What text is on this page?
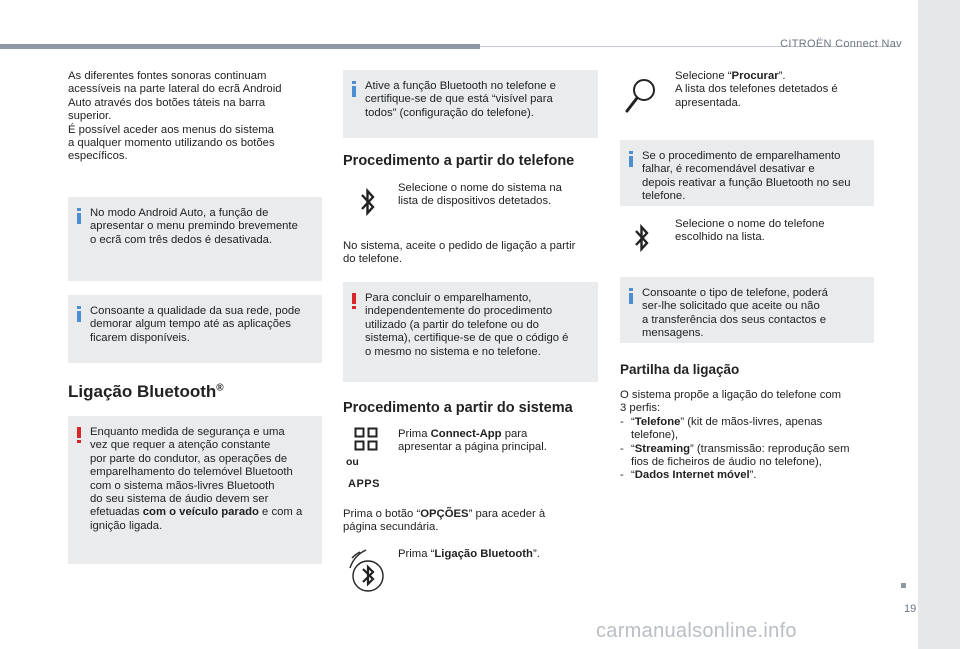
CITROËN Connect Nav
As diferentes fontes sonoras continuam
acessíveis na parte lateral do ecrã Android
Auto através dos botões táteis na barra
superior.
É possível aceder aos menus do sistema
a qualquer momento utilizando os botões
específicos.
No modo Android Auto, a função de
apresentar o menu premindo brevemente
o ecrã com três dedos é desativada.
Consoante a qualidade da sua rede, pode
demorar algum tempo até as aplicações
ficarem disponíveis.
Ligação Bluetooth®
Enquanto medida de segurança e uma
vez que requer a atenção constante
por parte do condutor, as operações de
emparelhamento do telemóvel Bluetooth
com o sistema mãos-livres Bluetooth
do seu sistema de áudio devem ser
efetuadas com o veículo parado e com a
ignição ligada.
Ative a função Bluetooth no telefone e
certifique-se de que está “visível para
todos” (configuração do telefone).
Procedimento a partir do telefone
Selecione o nome do sistema na
lista de dispositivos detetados.
No sistema, aceite o pedido de ligação a partir
do telefone.
Para concluir o emparelhamento,
independentemente do procedimento
utilizado (a partir do telefone ou do
sistema), certifique-se de que o código é
o mesmo no sistema e no telefone.
Procedimento a partir do sistema
ou
APPS
Prima Connect-App para
apresentar a página principal.
Prima o botão “OPÇÕES” para aceder à
página secundária.
Prima “Ligação Bluetooth”.
Selecione “Procurar”.
A lista dos telefones detetados é
apresentada.
Se o procedimento de emparelhamento
falhar, é recomendável desativar e
depois reativar a função Bluetooth no seu
telefone.
Selecione o nome do telefone
escolhido na lista.
Consoante o tipo de telefone, poderá
ser-lhe solicitado que aceite ou não
a transferência dos seus contactos e
mensagens.
Partilha da ligação
O sistema propõe a ligação do telefone com
3 perfis:
- “Telefone” (kit de mãos-livres, apenas
telefone),
- “Streaming” (transmissão: reprodução sem
fios de ficheiros de áudio no telefone),
- “Dados Internet móvel”.
19
carmanualsonline.info
